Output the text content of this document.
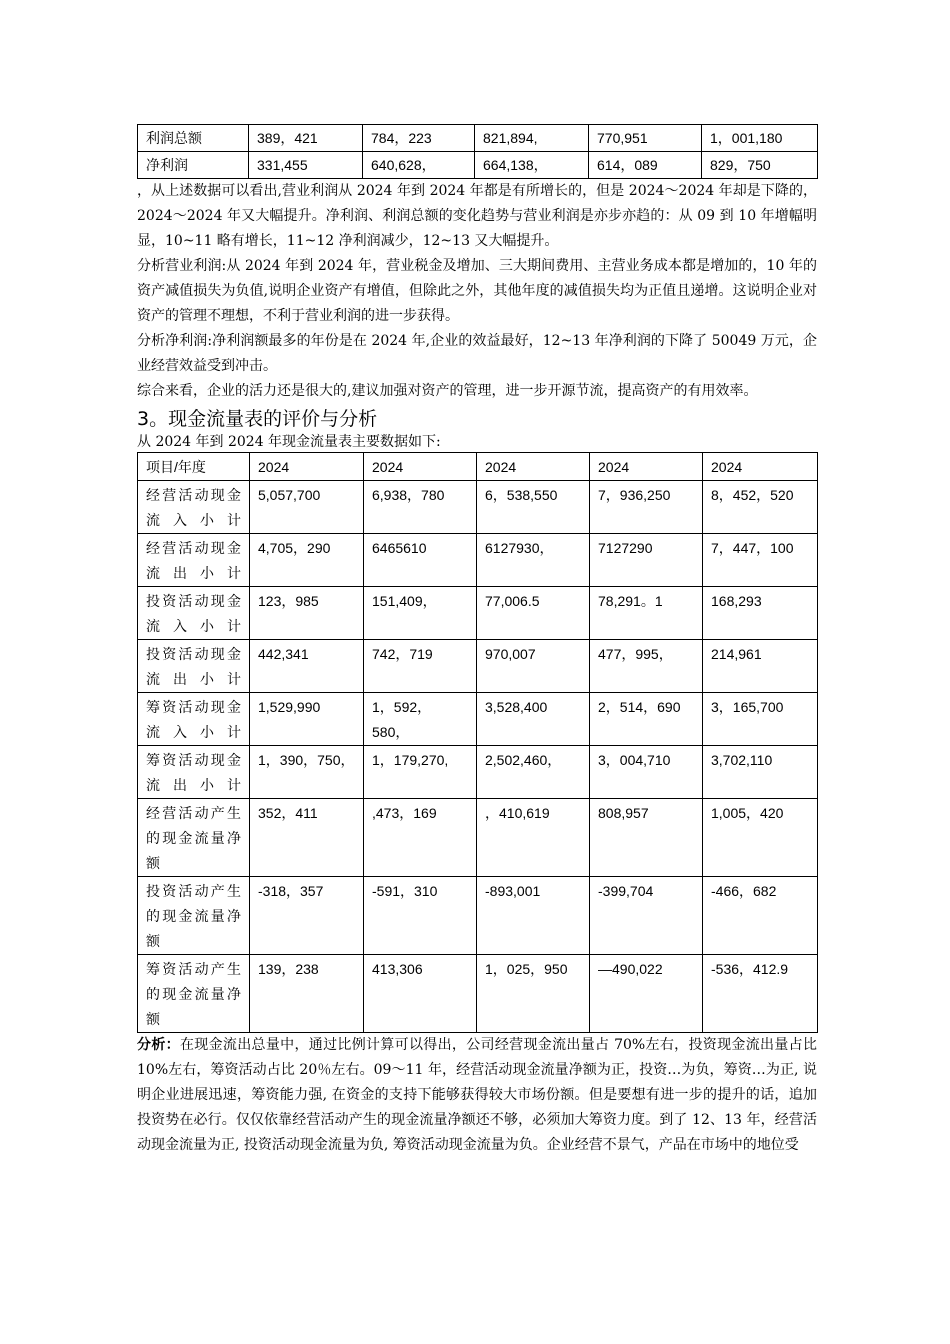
利润总额	389，421	784，223	821,894,	770,951	1，001,180
净利润	331,455	640,628，	664,138，	614，089	829，750

，从上述数据可以看出,营业利润从 2024 年到 2024 年都是有所增长的，但是 2024～2024 年却是下降的，2024～2024 年又大幅提升。净利润、利润总额的变化趋势与营业利润是亦步亦趋的：从 09 到 10 年增幅明显，10~11 略有增长，11~12 净利润减少，12~13 又大幅提升。

分析营业利润:从 2024 年到 2024 年，营业税金及增加、三大期间费用、主营业务成本都是增加的，10 年的资产减值损失为负值,说明企业资产有增值，但除此之外，其他年度的减值损失均为正值且递增。这说明企业对资产的管理不理想，不利于营业利润的进一步获得。

分析净利润:净利润额最多的年份是在 2024 年,企业的效益最好，12~13 年净利润的下降了 50049 万元，企业经营效益受到冲击。

综合来看，企业的活力还是很大的,建议加强对资产的管理，进一步开源节流，提高资产的有用效率。

3。现金流量表的评价与分析

从 2024 年到 2024 年现金流量表主要数据如下:

项目/年度	2024	2024	2024	2024	2024
经营活动现金流入小计	5,057,700	6,938，780	6，538,550	7，936,250	8，452，520
经营活动现金流出小计	4,705，290	6465610	6127930，	7127290	7，447，100
投资活动现金流入小计	123，985	151,409，	77,006.5	78,291。1	168,293
投资活动现金流出小计	442,341	742，719	970,007	477，995，	214,961
筹资活动现金流入小计	1,529,990	1，592，580，	3,528,400	2，514，690	3，165,700
筹资活动现金流出小计	1，390，750，	1，179,270,	2,502,460，	3，004,710	3,702,110
经营活动产生的现金流量净额	352，411	,473，169	，410,619	808,957	1,005，420
投资活动产生的现金流量净额	-318，357	-591，310	-893,001	-399,704	-466，682
筹资活动产生的现金流量净额	139，238	413,306	1，025，950	—490,022	-536，412.9

分析：在现金流出总量中，通过比例计算可以得出，公司经营现金流出量占 70%左右，投资现金流出量占比 10%左右，筹资活动占比 20％左右。09～11 年，经营活动现金流量净额为正，投资…为负，筹资…为正, 说明企业进展迅速，筹资能力强, 在资金的支持下能够获得较大市场份额。但是要想有进一步的提升的话，追加投资势在必行。仅仅依靠经营活动产生的现金流量净额还不够，必须加大筹资力度。到了 12、13 年，经营活动现金流量为正, 投资活动现金流量为负, 筹资活动现金流量为负。企业经营不景气，产品在市场中的地位受
